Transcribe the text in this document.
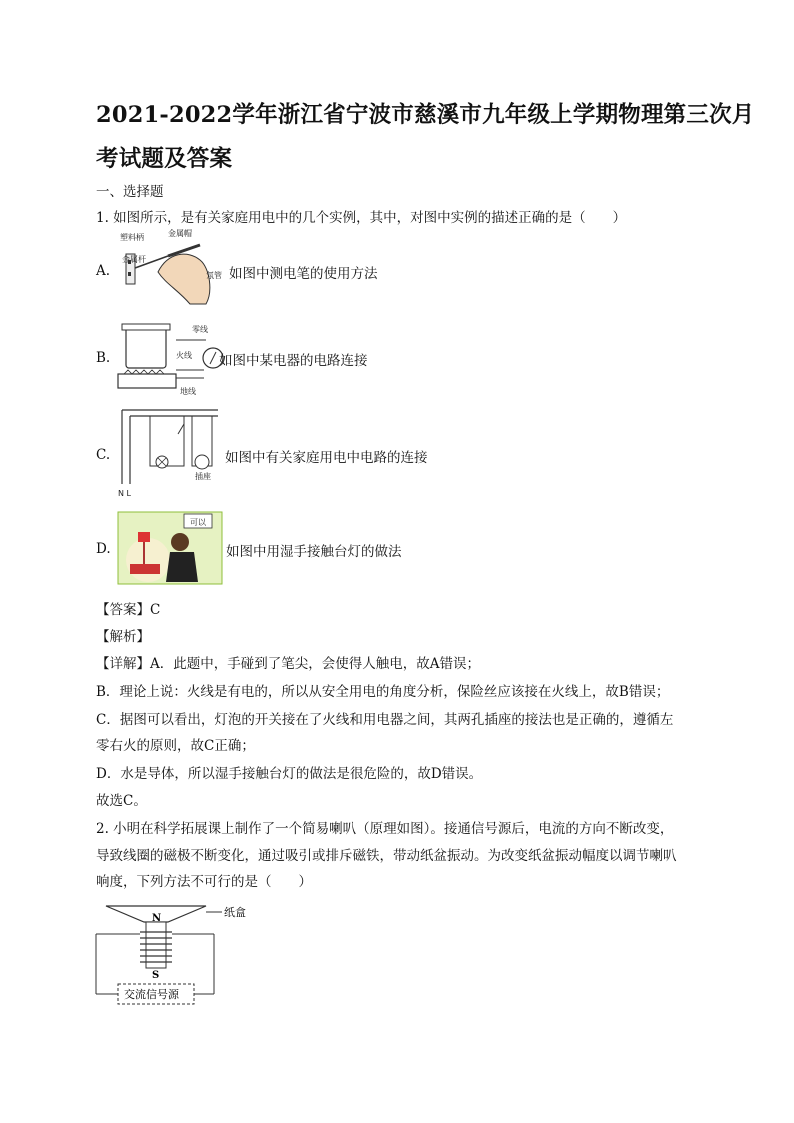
2021-2022学年浙江省宁波市慈溪市九年级上学期物理第三次月
考试题及答案
一、选择题
1. 如图所示，是有关家庭用电中的几个实例，其中，对图中实例的描述正确的是（　　）
A.
金属杆
塑料柄	金属帽
氖管 如图中测电笔的使用方法
B.
零线
火线
地线
如图中某电器的电路连接
C.
插座
N L
如图中有关家庭用电中电路的连接
D.
可以
如图中用湿手接触台灯的做法
【答案】C
【解析】
【详解】A．此题中，手碰到了笔尖，会使得人触电，故A错误；
B．理论上说：火线是有电的，所以从安全用电的角度分析，保险丝应该接在火线上，故B错误；
C．据图可以看出，灯泡的开关接在了火线和用电器之间，其两孔插座的接法也是正确的，遵循左
零右火的原则，故C正确；
D．水是导体，所以湿手接触台灯的做法是很危险的，故D错误。
故选C。
2. 小明在科学拓展课上制作了一个简易喇叭（原理如图）。接通信号源后，电流的方向不断改变，
导致线圈的磁极不断变化，通过吸引或排斥磁铁，带动纸盆振动。为改变纸盆振动幅度以调节喇叭
响度，下列方法不可行的是（　　）
纸盒
N
S
交流信号源
